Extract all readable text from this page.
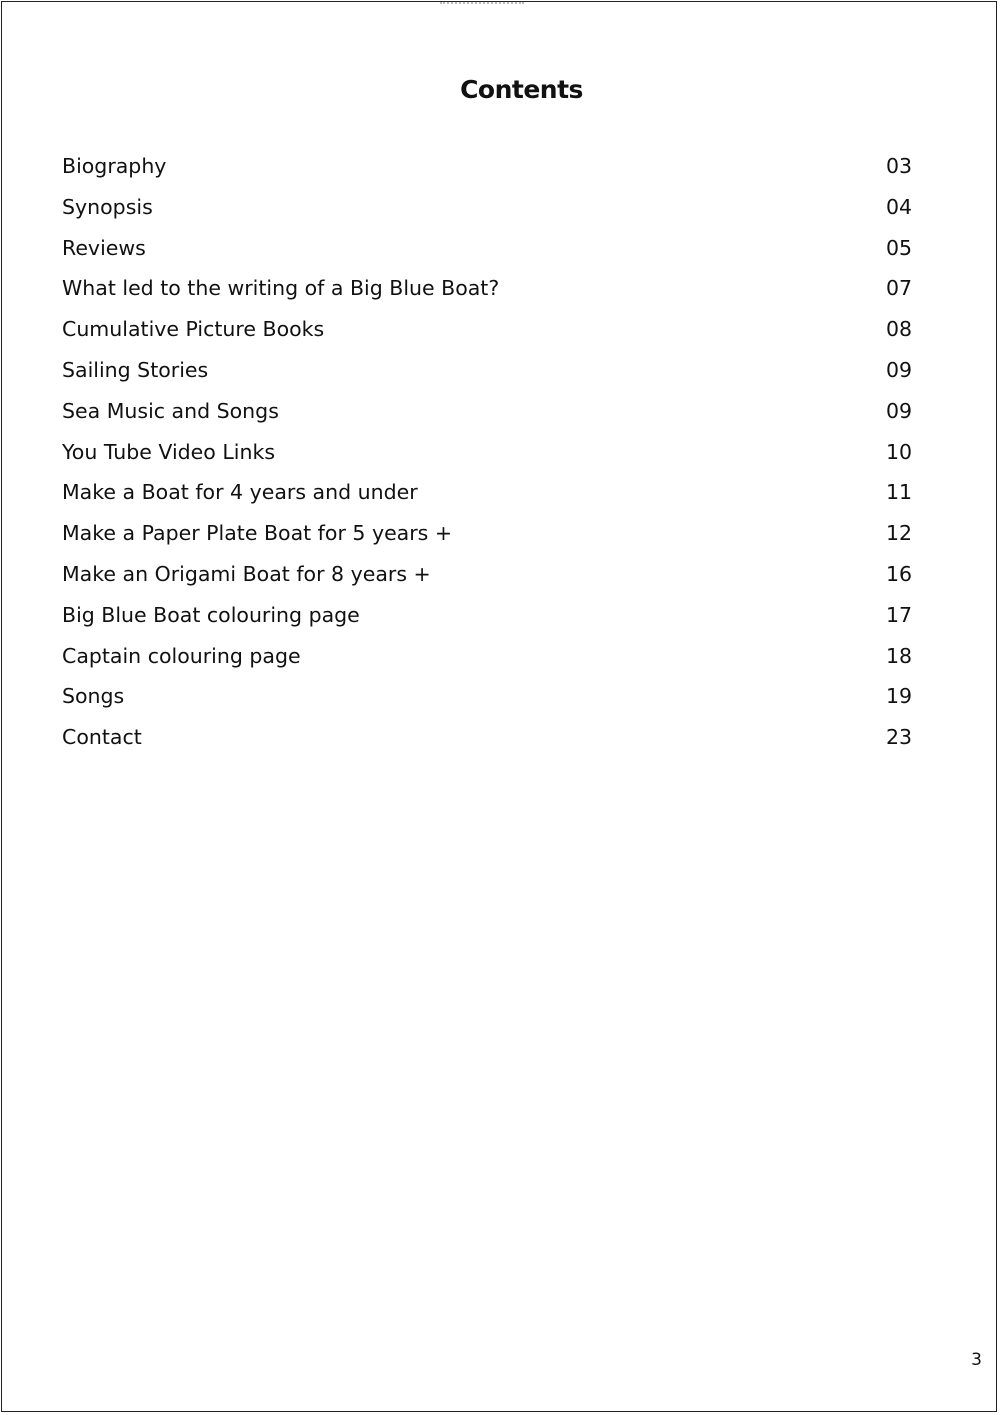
Contents
Biography	03
Synopsis	04
Reviews	05
What led to the writing of a Big Blue Boat?	07
Cumulative Picture Books	08
Sailing Stories	09
Sea Music and Songs	09
You Tube Video Links	10
Make a Boat for 4 years and under	11
Make a Paper Plate Boat for 5 years +	12
Make an Origami Boat for 8 years +	16
Big Blue Boat colouring page	17
Captain colouring page	18
Songs	19
Contact	23
3
